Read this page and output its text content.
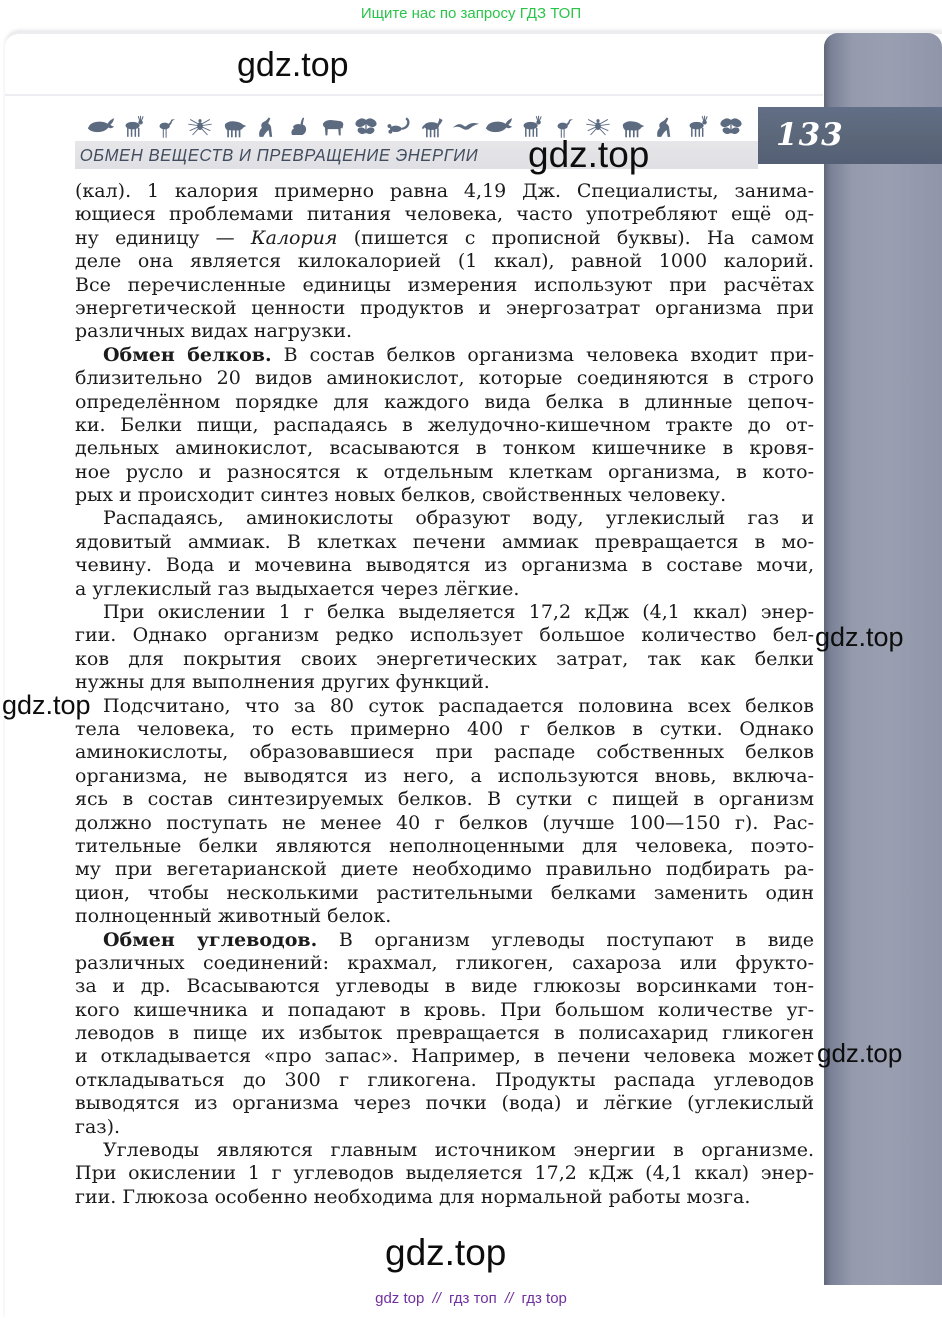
Ищите нас по запросу ГДЗ ТОП
133
ОБМЕН ВЕЩЕСТВ И ПРЕВРАЩЕНИЕ ЭНЕРГИИ
(кал). 1 калория примерно равна 4,19 Дж. Специалисты, занима-
ющиеся проблемами питания человека, часто употребляют ещё од-
ну единицу — Калория (пишется с прописной буквы). На самом
деле она является килокалорией (1 ккал), равной 1000 калорий.
Все перечисленные единицы измерения используют при расчётах
энергетической ценности продуктов и энергозатрат организма при
различных видах нагрузки.
Обмен белков. В состав белков организма человека входит при-
близительно 20 видов аминокислот, которые соединяются в строго
определённом порядке для каждого вида белка в длинные цепоч-
ки. Белки пищи, распадаясь в желудочно-кишечном тракте до от-
дельных аминокислот, всасываются в тонком кишечнике в кровя-
ное русло и разносятся к отдельным клеткам организма, в кото-
рых и происходит синтез новых белков, свойственных человеку.
Распадаясь, аминокислоты образуют воду, углекислый газ и
ядовитый аммиак. В клетках печени аммиак превращается в мо-
чевину. Вода и мочевина выводятся из организма в составе мочи,
а углекислый газ выдыхается через лёгкие.
При окислении 1 г белка выделяется 17,2 кДж (4,1 ккал) энер-
гии. Однако организм редко использует большое количество бел-
ков для покрытия своих энергетических затрат, так как белки
нужны для выполнения других функций.
Подсчитано, что за 80 суток распадается половина всех белков
тела человека, то есть примерно 400 г белков в сутки. Однако
аминокислоты, образовавшиеся при распаде собственных белков
организма, не выводятся из него, а используются вновь, включа-
ясь в состав синтезируемых белков. В сутки с пищей в организм
должно поступать не менее 40 г белков (лучше 100—150 г). Рас-
тительные белки являются неполноценными для человека, поэто-
му при вегетарианской диете необходимо правильно подбирать ра-
цион, чтобы несколькими растительными белками заменить один
полноценный животный белок.
Обмен углеводов. В организм углеводы поступают в виде
различных соединений: крахмал, гликоген, сахароза или фрукто-
за и др. Всасываются углеводы в виде глюкозы ворсинками тон-
кого кишечника и попадают в кровь. При большом количестве уг-
леводов в пище их избыток превращается в полисахарид гликоген
и откладывается «про запас». Например, в печени человека может
откладываться до 300 г гликогена. Продукты распада углеводов
выводятся из организма через почки (вода) и лёгкие (углекислый
газ).
Углеводы являются главным источником энергии в организме.
При окислении 1 г углеводов выделяется 17,2 кДж (4,1 ккал) энер-
гии. Глюкоза особенно необходима для нормальной работы мозга.
gdz.top
gdz.top
gdz.top
gdz.top
gdz.top
gdz.top
gdz top // гдз топ // гдз top
